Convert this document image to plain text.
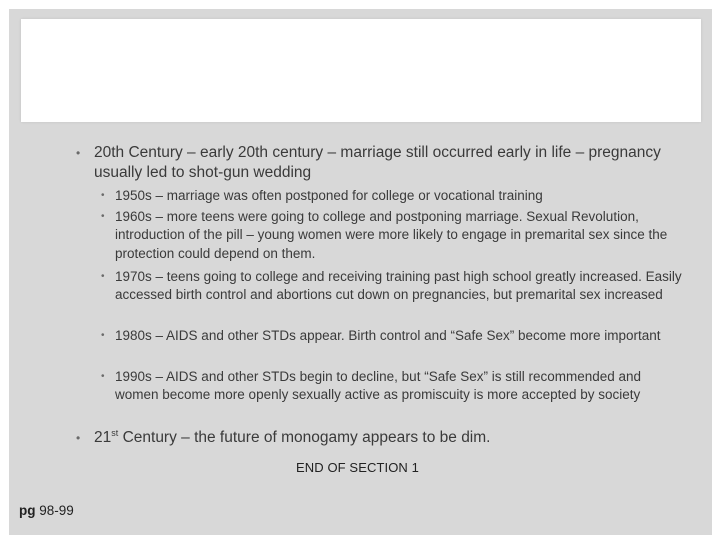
• 20th Century – early 20th century – marriage still occurred early in life – pregnancy usually led to shot-gun wedding
• 1950s – marriage was often postponed for college or vocational training
• 1960s – more teens were going to college and postponing marriage. Sexual Revolution, introduction of the pill – young women were more likely to engage in premarital sex since the protection could depend on them.
• 1970s – teens going to college and receiving training past high school greatly increased. Easily accessed birth control and abortions cut down on pregnancies, but premarital sex increased
• 1980s – AIDS and other STDs appear. Birth control and “Safe Sex” become more important
• 1990s – AIDS and other STDs begin to decline, but “Safe Sex” is still recommended and women become more openly sexually active as promiscuity is more accepted by society
• 21st Century – the future of monogamy appears to be dim.
END OF SECTION 1
pg 98-99
